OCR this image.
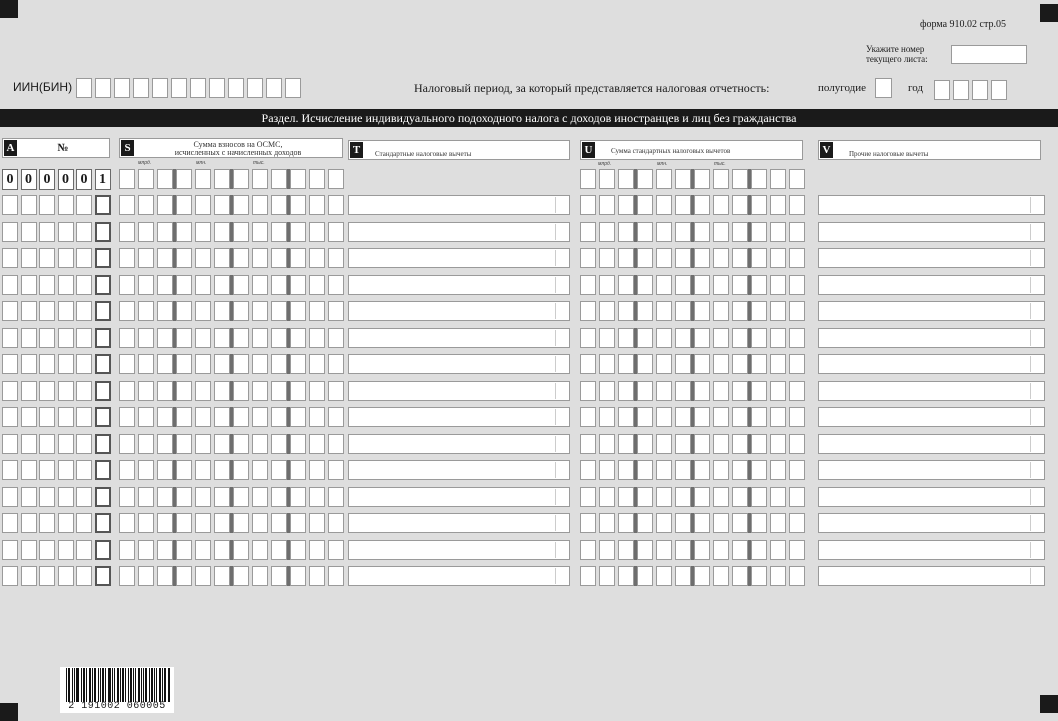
форма 910.02 стр.05
Укажите номер
текущего листа:
ИИН(БИН)	Налоговый период, за который представляется налоговая отчетность:	полугодие	год
Раздел. Исчисление индивидуального подоходного налога с доходов иностранцев и лиц без гражданства
A	№	S	Сумма взносов на ОСМС,
исчисленных с начисленных доходов
млрд.	млн.	тыс.
T	Стандартные налоговые вычеты	U	Сумма стандартных налоговых вычетов
млрд.	млн.	тыс.
V	Прочие налоговые вычеты
0 0 0 0 0 1
2 191002 060005
